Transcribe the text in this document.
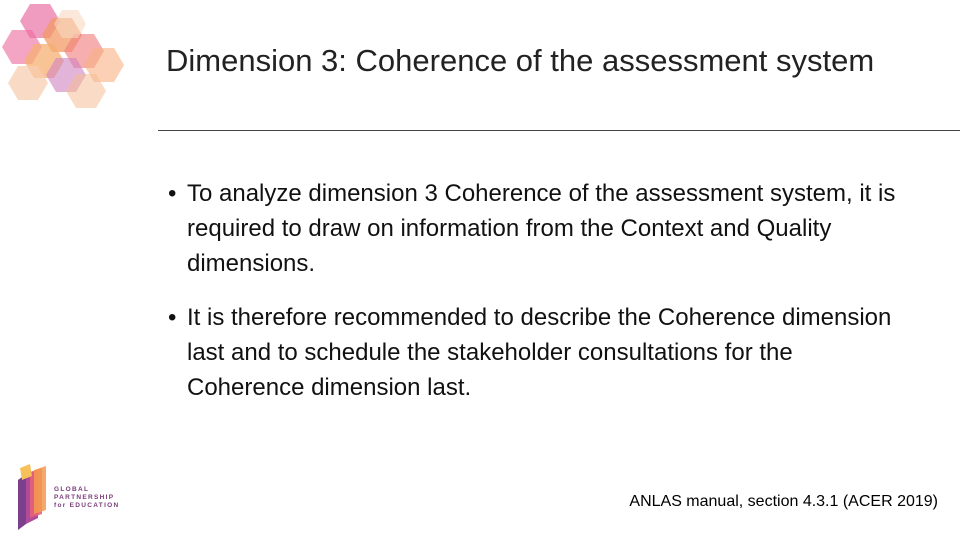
Dimension 3: Coherence of the assessment system
• To analyze dimension 3 Coherence of the assessment system, it is required to draw on information from the Context and Quality dimensions.
• It is therefore recommended to describe the Coherence dimension last and to schedule the stakeholder consultations for the Coherence dimension last.
GLOBAL
PARTNERSHIP
for EDUCATION	ANLAS manual, section 4.3.1 (ACER 2019)
